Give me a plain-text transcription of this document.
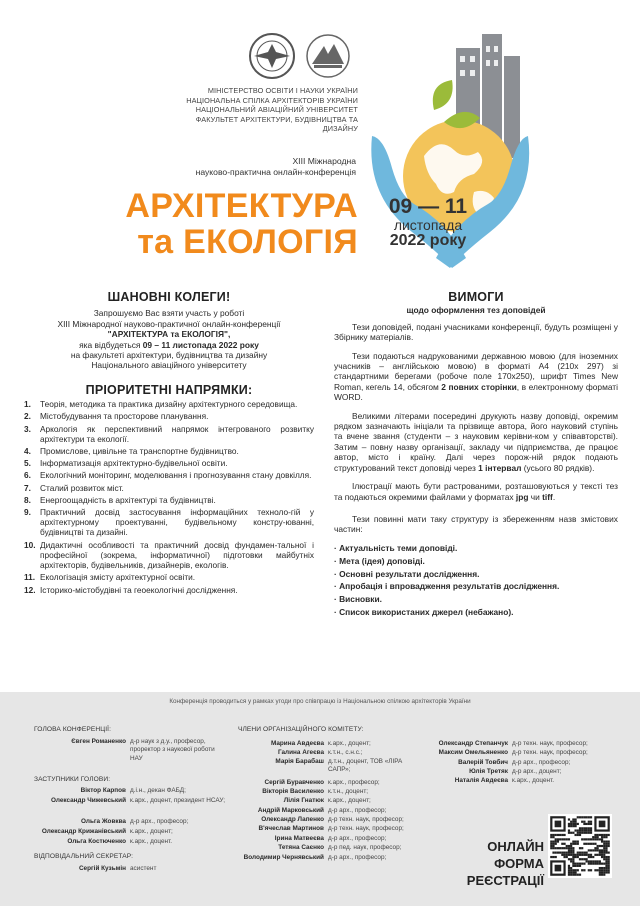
МІНІСТЕРСТВО ОСВІТИ І НАУКИ УКРАЇНИ
НАЦІОНАЛЬНА СПІЛКА АРХІТЕКТОРІВ УКРАЇНИ
НАЦІОНАЛЬНИЙ АВІАЦІЙНИЙ УНІВЕРСИТЕТ
ФАКУЛЬТЕТ АРХІТЕКТУРИ, БУДІВНИЦТВА ТА ДИЗАЙНУ
XIII Міжнародна
науково-практична онлайн-конференція
АРХІТЕКТУРА
та ЕКОЛОГІЯ
09 — 11
листопада
2022 року
ШАНОВНІ КОЛЕГИ!
Запрошуємо Вас взяти участь у роботі
XIII Міжнародної науково-практичної онлайн-конференції
"АРХІТЕКТУРА та ЕКОЛОГІЯ",
яка відбудеться 09 – 11 листопада 2022 року
на факультеті архітектури, будівництва та дизайну
Національного авіаційного університету
ПРІОРИТЕТНІ НАПРЯМКИ:
1.	Теорія, методика та практика дизайну архітектурного середовища.
2.	Містобудування та просторове планування.
3.	Аркологія як перспективний напрямок інтегрованого розвитку архітектури та екології.
4.	Промислове, цивільне та транспортне будівництво.
5.	Інформатизація архітектурно-будівельної освіти.
6.	Екологічний моніторинг, моделювання і прогнозування стану довкілля.
7.	Сталий розвиток міст.
8.	Енергоощадність в архітектурі та будівництві.
9.	Практичний досвід застосування інформаційних техноло-гій у архітектурному проектуванні, будівельному констру-юванні, будівництві та дизайні.
10. Дидактичні особливості та практичний досвід фундамен-тальної і професійної (зокрема, інформатичної) підготовки майбутніх архітекторів, будівельників, дизайнерів, екологів.
11. Екологізація змісту архітектурної освіти.
12. Історико-містобудівні та геоекологічні дослідження.
ВИМОГИ
щодо оформлення тез доповідей

Тези доповідей, подані учасниками конференції, будуть розміщені у Збірнику матеріалів.

Тези подаються надрукованими державною мовою (для іноземних учасників – англійською мовою) в форматі А4 (210х 297) зі стандартними берегами (робоче поле 170х250), шрифт Times New Roman, кегель 14, обсягом 2 повних сторінки, в електронному форматі WORD.

Великими літерами посередині друкують назву доповіді, окремим рядком зазначають ініціали та прізвище автора, його науковий ступінь та вчене звання (студенти – з науковим керівни-ком у співавторстві). Затим – повну назву організації, закладу чи підприємства, де працює автор, місто і країну. Далі через порож-ній рядок подають структурований текст доповіді через 1 інтервал (усього 80 рядків).

Ілюстрації мають бути растрованими, розташовуються у тексті тез та подаються окремими файлами у форматах jpg чи tiff.

Тези повинні мати таку структуру із збереженням назв змістових частин:

· Актуальність теми доповіді.
· Мета (ідея) доповіді.
· Основні результати дослідження.
· Апробація і впровадження результатів дослідження.
· Висновки.
· Список використаних джерел (небажано).
Конференція проводиться у рамках угоди про співпрацю із Національною спілкою архітекторів України
ГОЛОВА КОНФЕРЕНЦІЇ:
Євген Романенко д-р наук з д.у., професор, проректор з наукової роботи НАУ
ЗАСТУПНИКИ ГОЛОВИ:
Віктор Карпов д.і.н., декан ФАБД;
Олександр Чижевський к.арх., доцент, президент НСАУ;
Ольга Жовква д-р арх., професор;
Олександр Крижанівський к.арх., доцент;
Ольга Костюченко к.арх., доцент.
ВІДПОВІДАЛЬНИЙ СЕКРЕТАР:
Сергій Кузьмін асистент
ЧЛЕНИ ОРГАНІЗАЦІЙНОГО КОМІТЕТУ:
Марина Авдеєва к.арх., доцент;
Галина Агеєва к.т.н., с.н.с.;
Марія Барабаш д.т.н., доцент, ТОВ «ЛІРА САПР»;
Сергій Буравченко к.арх., професор;
Вікторія Василенко к.т.н., доцент;
Лілія Гнатюк к.арх., доцент;
Андрій Марковський д-р арх., професор;
Олександр Лапенко д-р техн. наук, професор;
В'ячеслав Мартинов д-р техн. наук, професор;
Ірина Матвеєва д-р арх., професор;
Тетяна Саєнко д-р пед. наук, професор;
Володимир Чернявський д-р арх., професор;
Олександр Степанчук д-р техн. наук, професор;
Максим Омельяненко д-р техн. наук, професор;
Валерій Товбич д-р арх., професор;
Юлія Третяк д-р арх., доцент;
Наталія Авдеєва к.арх., доцент.
ОНЛАЙН ФОРМА
РЕЄСТРАЦІЇ
